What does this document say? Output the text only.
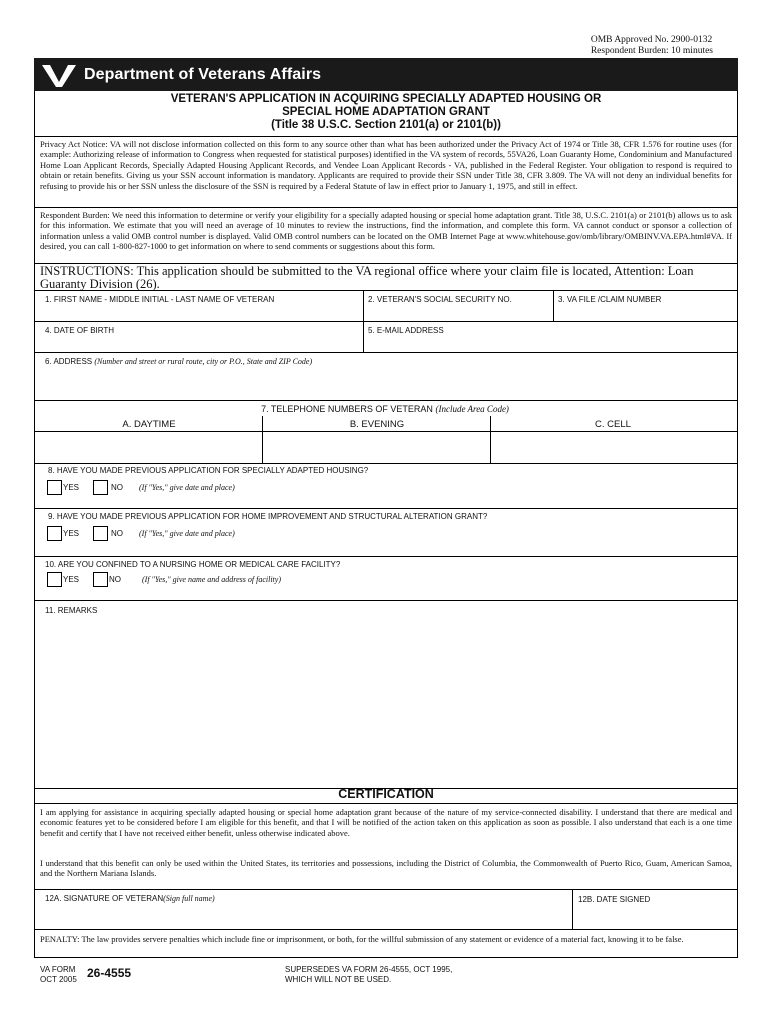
OMB Approved No. 2900-0132
Respondent Burden: 10 minutes
Department of Veterans Affairs
VETERAN'S APPLICATION IN ACQUIRING SPECIALLY ADAPTED HOUSING OR
SPECIAL HOME ADAPTATION GRANT
(Title 38 U.S.C. Section 2101(a) or 2101(b))
Privacy Act Notice: VA will not disclose information collected on this form to any source other than what has been authorized under the Privacy Act of 1974 or Title 38, CFR 1.576 for routine uses (for example: Authorizing release of information to Congress when requested for statistical purposes) identified in the VA system of records, 55VA26, Loan Guaranty Home, Condominium and Manufactured Home Loan Applicant Records, Specially Adapted Housing Applicant Records, and Vendee Loan Applicant Records - VA, published in the Federal Register. Your obligation to respond is required to obtain or retain benefits. Giving us your SSN account information is mandatory. Applicants are required to provide their SSN under Title 38, CFR 3.809. The VA will not deny an individual benefits for refusing to provide his or her SSN unless the disclosure of the SSN is required by a Federal Statute of law in effect prior to January 1, 1975, and still in effect.
Respondent Burden: We need this information to determine or verify your eligibility for a specially adapted housing or special home adaptation grant. Title 38, U.S.C. 2101(a) or 2101(b) allows us to ask for this information. We estimate that you will need an average of 10 minutes to review the instructions, find the information, and complete this form. VA cannot conduct or sponsor a collection of information unless a valid OMB control number is displayed. Valid OMB control numbers can be located on the OMB Internet Page at www.whitehouse.gov/omb/library/OMBINV.VA.EPA.html#VA. If desired, you can call 1-800-827-1000 to get information on where to send comments or suggestions about this form.
INSTRUCTIONS: This application should be submitted to the VA regional office where your claim file is located, Attention: Loan Guaranty Division (26).
1. FIRST NAME - MIDDLE INITIAL - LAST NAME OF VETERAN	2. VETERAN'S SOCIAL SECURITY NO.	3. VA FILE /CLAIM NUMBER
4. DATE OF BIRTH	5. E-MAIL ADDRESS
6. ADDRESS (Number and street or rural route, city or P.O., State and ZIP Code)
7. TELEPHONE NUMBERS OF VETERAN (Include Area Code)
A. DAYTIME	B. EVENING	C. CELL
8. HAVE YOU MADE PREVIOUS APPLICATION FOR SPECIALLY ADAPTED HOUSING?
YES	NO (If "Yes," give date and place)
9. HAVE YOU MADE PREVIOUS APPLICATION FOR HOME IMPROVEMENT AND STRUCTURAL ALTERATION GRANT?
YES	NO (If "Yes," give date and place)
10. ARE YOU CONFINED TO A NURSING HOME OR MEDICAL CARE FACILITY?
YES	NO	(If "Yes," give name and address of facility)
11. REMARKS
CERTIFICATION
I am applying for assistance in acquiring specially adapted housing or special home adaptation grant because of the nature of my service-connected disability. I understand that there are medical and economic features yet to be considered before I am eligible for this benefit, and that I will be notified of the action taken on this application as soon as possible. I also understand that each is a one time benefit and certify that I have not received either benefit, unless otherwise indicated above.
I understand that this benefit can only be used within the United States, its territories and possessions, including the District of Columbia, the Commonwealth of Puerto Rico, Guam, American Samoa, and the Northern Mariana Islands.
12A. SIGNATURE OF VETERAN(Sign full name)	12B. DATE SIGNED
PENALTY: The law provides servere penalties which include fine or imprisonment, or both, for the willful submission of any statement or evidence of a material fact, knowing it to be false.
VA FORM
OCT 2005 26-4555	SUPERSEDES VA FORM 26-4555, OCT 1995,
WHICH WILL NOT BE USED.
